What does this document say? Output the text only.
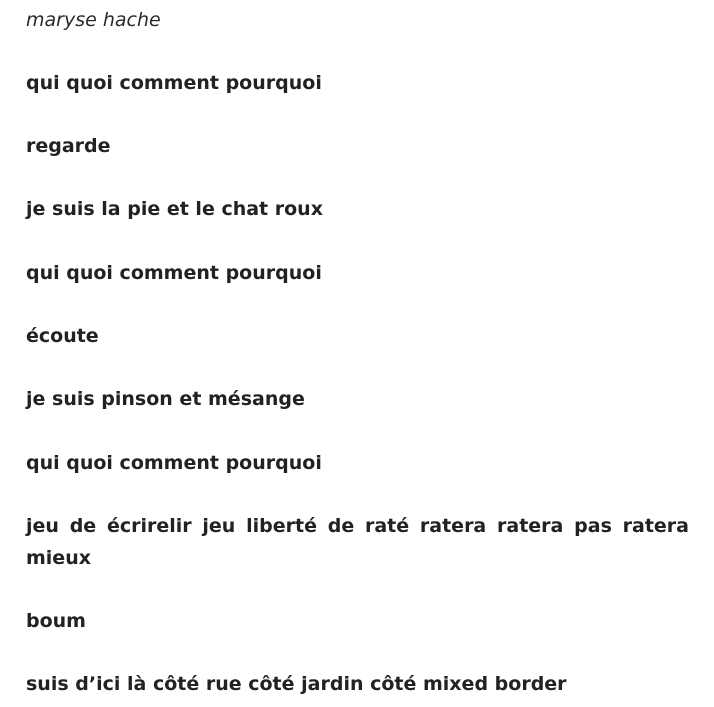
maryse hache

qui quoi comment pourquoi

regarde

je suis la pie et le chat roux

qui quoi comment pourquoi

écoute

je suis pinson et mésange

qui quoi comment pourquoi

jeu de écrirelir jeu liberté de raté ratera ratera pas ratera mieux

boum

suis d’ici là côté rue côté jardin côté mixed border
